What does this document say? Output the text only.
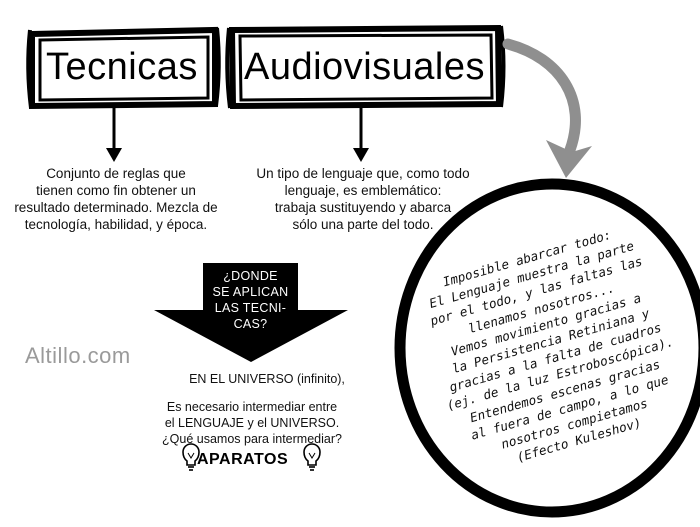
Tecnicas Audiovisuales
Conjunto de reglas que
tienen como fin obtener un
resultado determinado. Mezcla de
tecnología, habilidad, y época.
Un tipo de lenguaje que, como todo
lenguaje, es emblemático:
trabaja sustituyendo y abarca
sólo una parte del todo.
¿DONDE
SE APLICAN
LAS TECNI-
CAS?
Altillo.com
EN EL UNIVERSO (infinito),
Es necesario intermediar entre
el LENGUAJE y el UNIVERSO.
¿Qué usamos para intermediar?
APARATOS
Imposible abarcar todo:
El Lenguaje muestra la parte
por el todo, y las faltas las
llenamos nosotros...
Vemos movimiento gracias a
la Persistencia Retiniana y
gracias a la falta de cuadros
(ej. de la luz Estroboscópica).
Entendemos escenas gracias
al fuera de campo, a lo que
nosotros compietamos
(Efecto Kuleshov)
